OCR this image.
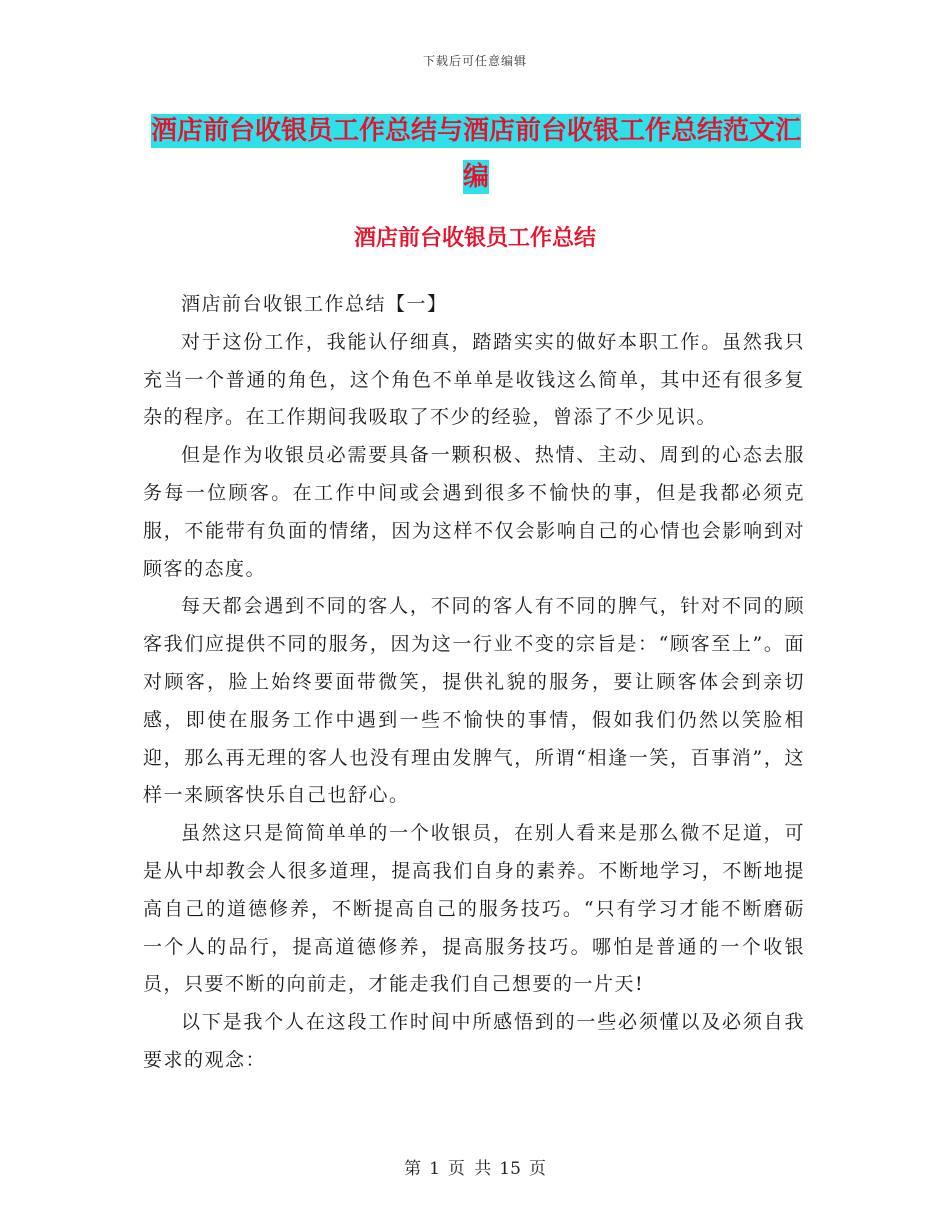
下载后可任意编辑
酒店前台收银员工作总结与酒店前台收银工作总结范文汇编
酒店前台收银员工作总结

酒店前台收银工作总结【一】

对于这份工作，我能认仔细真，踏踏实实的做好本职工作。虽然我只充当一个普通的角色，这个角色不单单是收钱这么简单，其中还有很多复杂的程序。在工作期间我吸取了不少的经验，曾添了不少见识。

但是作为收银员必需要具备一颗积极、热情、主动、周到的心态去服务每一位顾客。在工作中间或会遇到很多不愉快的事，但是我都必须克服，不能带有负面的情绪，因为这样不仅会影响自己的心情也会影响到对顾客的态度。

每天都会遇到不同的客人，不同的客人有不同的脾气，针对不同的顾客我们应提供不同的服务，因为这一行业不变的宗旨是：“顾客至上”。面对顾客，脸上始终要面带微笑，提供礼貌的服务，要让顾客体会到亲切感，即使在服务工作中遇到一些不愉快的事情，假如我们仍然以笑脸相迎，那么再无理的客人也没有理由发脾气，所谓“相逢一笑，百事消”，这样一来顾客快乐自己也舒心。

虽然这只是简简单单的一个收银员，在别人看来是那么微不足道，可是从中却教会人很多道理，提高我们自身的素养。不断地学习，不断地提高自己的道德修养，不断提高自己的服务技巧。“只有学习才能不断磨砺一个人的品行，提高道德修养，提高服务技巧。哪怕是普通的一个收银员，只要不断的向前走，才能走我们自己想要的一片天!

以下是我个人在这段工作时间中所感悟到的一些必须懂以及必须自我要求的观念：

第 1 页 共 15 页
